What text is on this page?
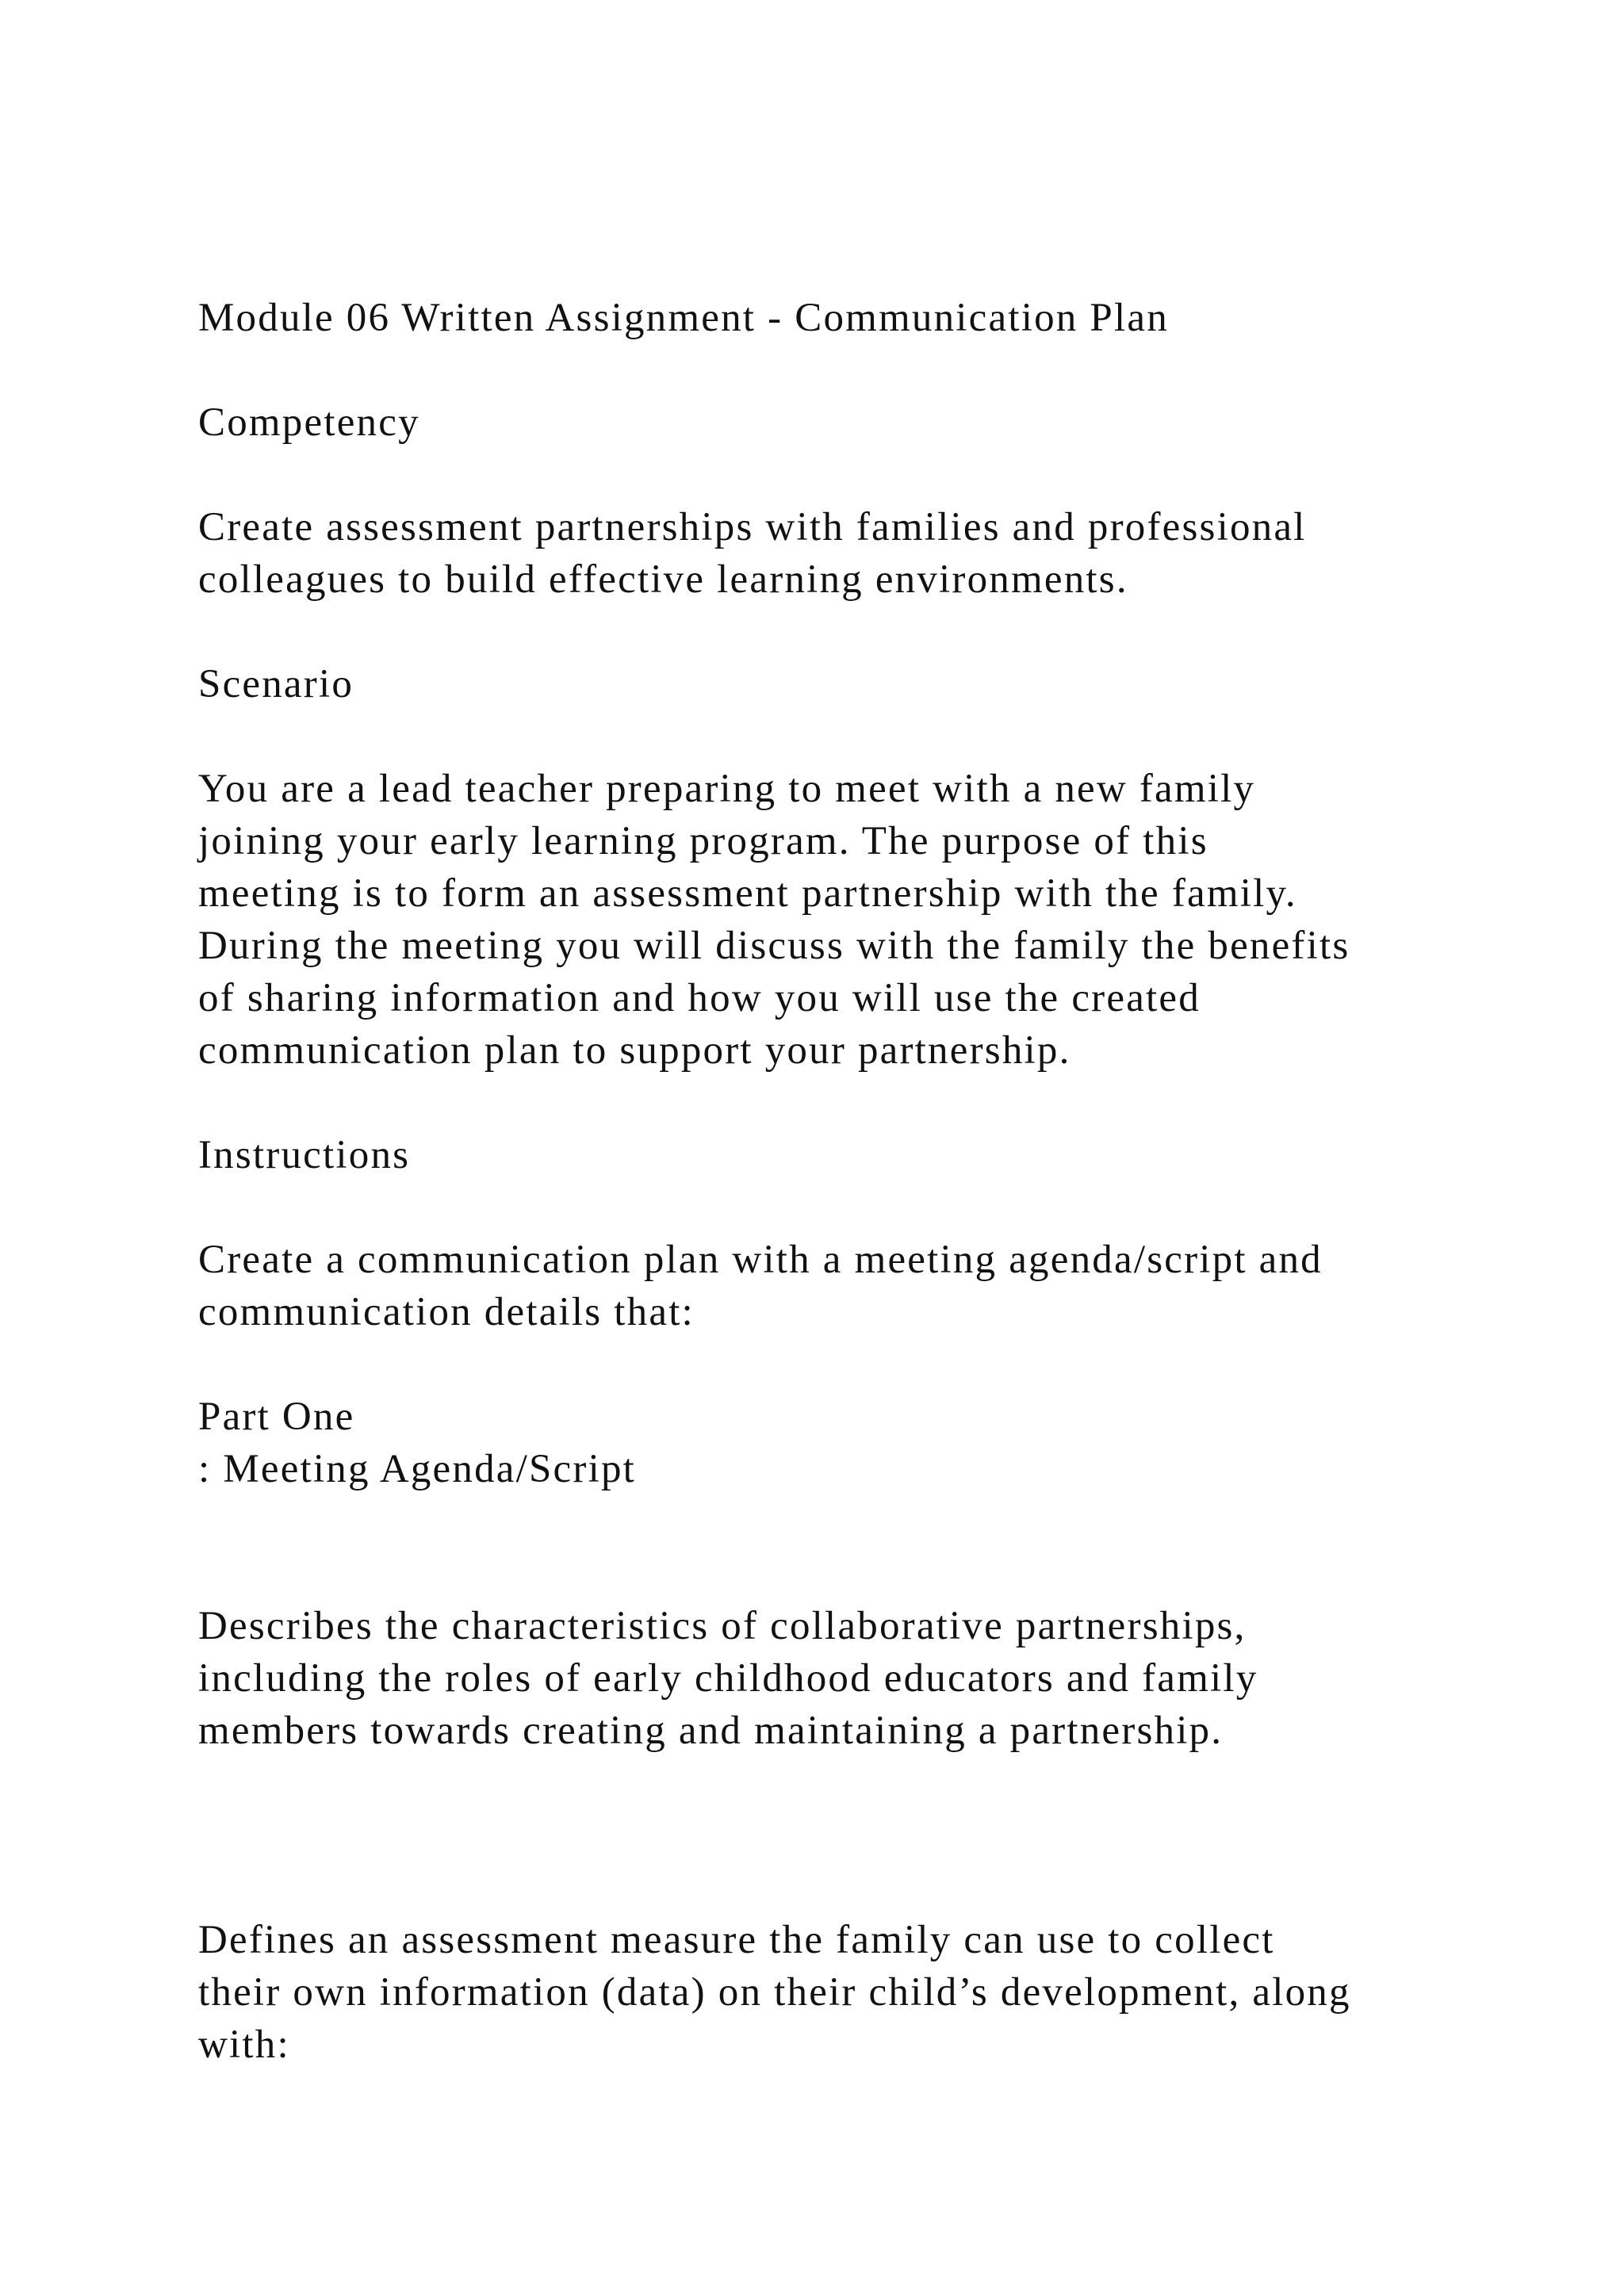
Module 06 Written Assignment - Communication Plan
Competency
Create assessment partnerships with families and professional
colleagues to build effective learning environments.
Scenario
You are a lead teacher preparing to meet with a new family
joining your early learning program. The purpose of this
meeting is to form an assessment partnership with the family.
During the meeting you will discuss with the family the benefits
of sharing information and how you will use the created
communication plan to support your partnership.
Instructions
Create a communication plan with a meeting agenda/script and
communication details that:
Part One
: Meeting Agenda/Script
Describes the characteristics of collaborative partnerships,
including the roles of early childhood educators and family
members towards creating and maintaining a partnership.
Defines an assessment measure the family can use to collect
their own information (data) on their child’s development, along
with:
